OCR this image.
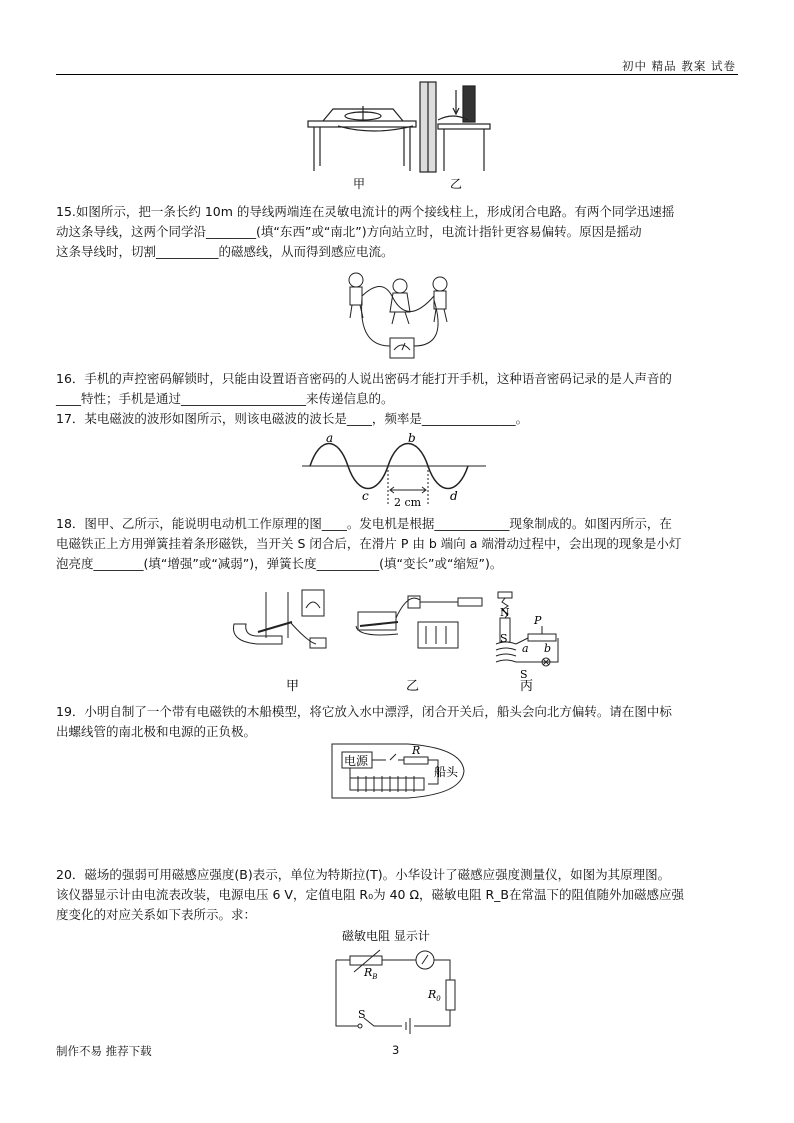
初中 精品 教案 试卷
甲	乙
15.如图所示，把一条长约 10m 的导线两端连在灵敏电流计的两个接线柱上，形成闭合电路。有两个同学迅速摇
动这条导线，这两个同学沿________(填“东西”或“南北”)方向站立时，电流计指针更容易偏转。原因是摇动
这条导线时，切割__________的磁感线，从而得到感应电流。
16．手机的声控密码解锁时，只能由设置语音密码的人说出密码才能打开手机，这种语音密码记录的是人声音的
____特性；手机是通过____________________来传递信息的。
17．某电磁波的波形如图所示，则该电磁波的波长是____，频率是_______________。
a	b
c	d
2 cm
18．图甲、乙所示，能说明电动机工作原理的图____。发电机是根据____________现象制成的。如图丙所示，在
电磁铁正上方用弹簧挂着条形磁铁，当开关 S 闭合后，在滑片 P 由 b 端向 a 端滑动过程中，会出现的现象是小灯
泡亮度________(填“增强”或“减弱”)，弹簧长度__________(填“变长”或“缩短”)。
N
S
P
a b
S
甲	乙	丙
19．小明自制了一个带有电磁铁的木船模型，将它放入水中漂浮，闭合开关后，船头会向北方偏转。请在图中标
出螺线管的南北极和电源的正负极。
电源
R
船头
20．磁场的强弱可用磁感应强度(B)表示，单位为特斯拉(T)。小华设计了磁感应强度测量仪，如图为其原理图。
该仪器显示计由电流表改装，电源电压 6 V，定值电阻 R₀为 40 Ω，磁敏电阻 R_B在常温下的阻值随外加磁感应强
度变化的对应关系如下表所示。求：
磁敏电阻 显示计
$R_B$
$R_0$
S
制作不易 推荐下载	3
